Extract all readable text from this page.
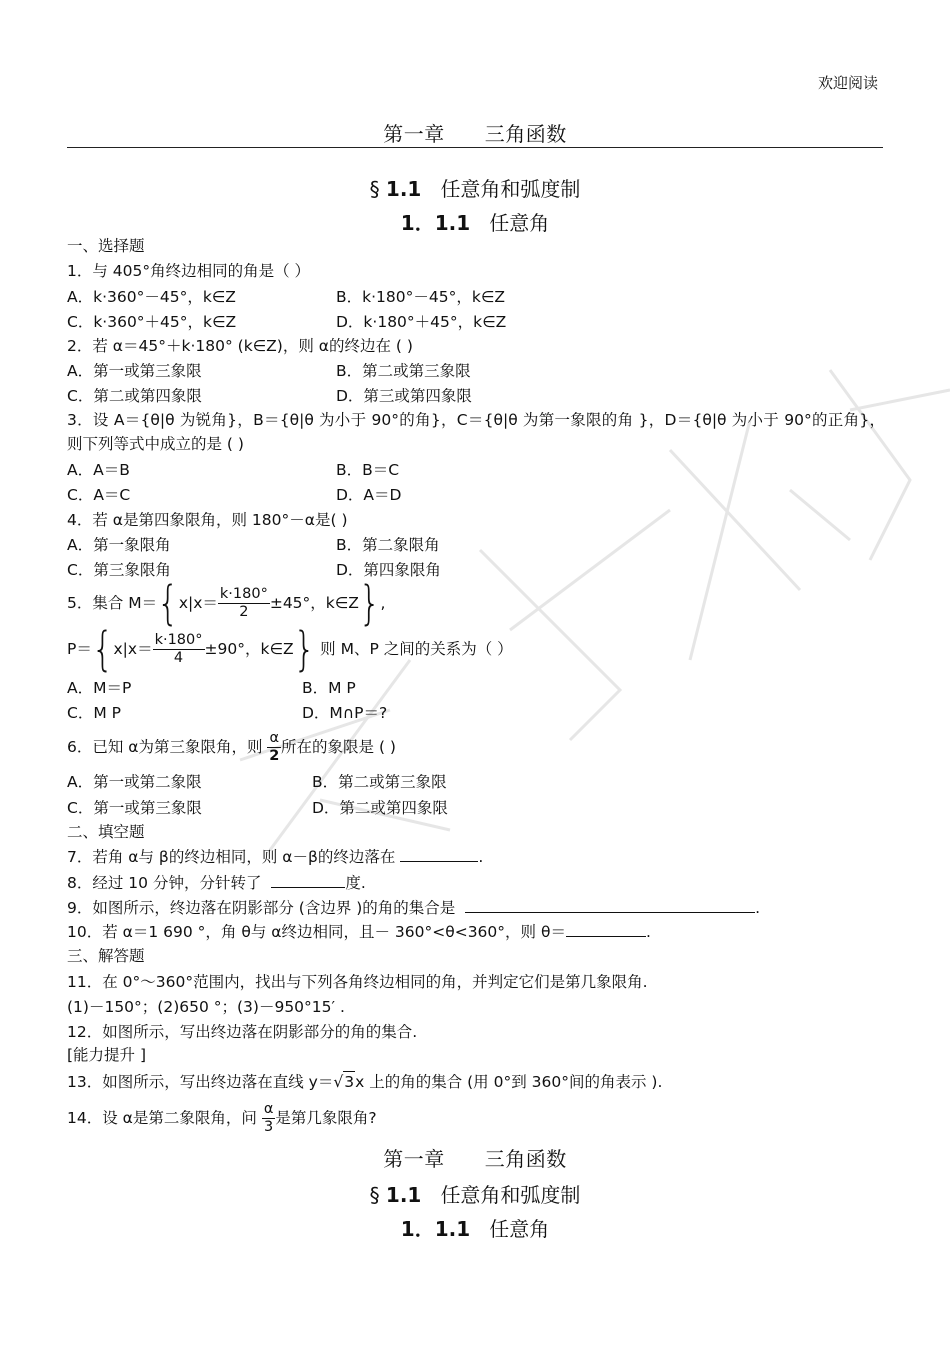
欢迎阅读
第一章 三角函数
§ 1.1 任意角和弧度制
1．1.1 任意角
一、选择题
1．与 405°角终边相同的角是（ ）
A．k·360°－45°，k∈Z	B．k·180°－45°，k∈Z
C．k·360°＋45°，k∈Z	D．k·180°＋45°，k∈Z
2．若 α＝45°＋k·180° (k∈Z)，则 α的终边在 ( )
A．第一或第三象限	B．第二或第三象限
C．第二或第四象限	D．第三或第四象限
3．设 A＝{θ|θ 为锐角}，B＝{θ|θ 为小于 90°的角}，C＝{θ|θ 为第一象限的角 }，D＝{θ|θ 为小于 90°的正角}，则下列等式中成立的是 ( )
A．A＝B	B．B＝C
C．A＝C	D．A＝D
4．若 α是第四象限角，则 180°－α是( )
A．第一象限角	B．第二象限角
C．第三象限角	D．第四象限角
5．集合 $M=\{x|x= \frac{k\cdot 180^\circ}{2} \pm 45^\circ$，k∈Z},
$P=\{x|x= \frac{k\cdot 180^\circ}{4} \pm 90^\circ$，k∈Z} 则 M、P 之间的关系为（ ）
A．M＝P	B．M P
C．M P	D．M∩P＝?
6．已知 α为第三象限角，则 $\frac{\alpha}{2}$ 所在的象限是 ( )
A．第一或第二象限	B．第二或第三象限
C．第一或第三象限	D．第二或第四象限
二、填空题
7．若角 α与 β的终边相同，则 α－β的终边落在	.
8．经过 10 分钟，分针转了	度.
9．如图所示，终边落在阴影部分 (含边界 )的角的集合是	.
10．若 α＝1 690 °，角 θ与 α终边相同，且－ 360°<θ<360°，则 θ＝	.
三、解答题
11．在 0°～360°范围内，找出与下列各角终边相同的角，并判定它们是第几象限角.
(1)－150°；(2)650 °；(3)－950°15′ .
12．如图所示，写出终边落在阴影部分的角的集合.
[能力提升 ]
13．如图所示，写出终边落在直线 y＝√3x 上的角的集合 (用 0°到 360°间的角表示 ).
14．设 α是第二象限角，问 $\frac{\alpha}{3}$ 是第几象限角?
第一章 三角函数
§ 1.1 任意角和弧度制
1．1.1 任意角
